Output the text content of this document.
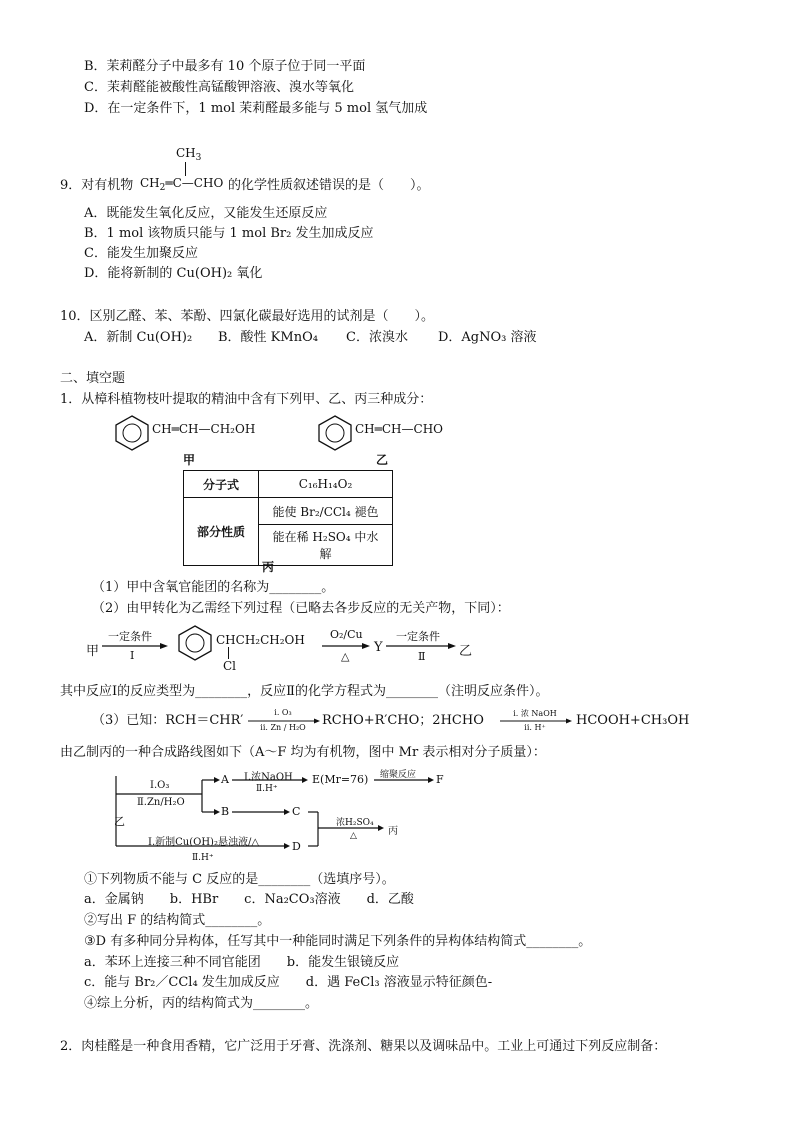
B．茉莉醛分子中最多有 10 个原子位于同一平面
C．茉莉醛能被酸性高锰酸钾溶液、溴水等氧化
D．在一定条件下，1 mol 茉莉醛最多能与 5 mol 氢气加成
9．对有机物
$CH_3$
$CH_2═C—CHO$ 的化学性质叙述错误的是（　　）。
A．既能发生氧化反应，又能发生还原反应
B．1 mol 该物质只能与 1 mol Br₂ 发生加成反应
C．能发生加聚反应
D．能将新制的 Cu(OH)₂ 氧化
10．区别乙醛、苯、苯酚、四氯化碳最好选用的试剂是（　　）。
A．新制 Cu(OH)₂ B．酸性 KMnO₄ C．浓溴水 D．AgNO₃ 溶液
二、填空题
1．从樟科植物枝叶提取的精油中含有下列甲、乙、丙三种成分：
CH═CH—CH₂OH	CH═CH—CHO
甲	乙
分子式	C₁₆H₁₄O₂
部分性质	能使 Br₂/CCl₄ 褪色
	能在稀 H₂SO₄ 中水解
丙
（1）甲中含氧官能团的名称为________。
（2）由甲转化为乙需经下列过程（已略去各步反应的无关产物，下同）：
甲
一定条件
Ⅰ
CHCH₂CH₂OH
Cl
O₂/Cu
△
Y
一定条件
Ⅱ	乙
其中反应Ⅰ的反应类型为________，反应Ⅱ的化学方程式为________（注明反应条件）。
（3）已知：RCH＝CHR′
i. O₃
ii. Zn / H₂O	RCHO+R′CHO；2HCHO	i. 浓 NaOH
ii. H⁺	HCOOH+CH₃OH
由乙制丙的一种合成路线图如下（A～F 均为有机物，图中 Mr 表示相对分子质量）：
Ⅰ.O₃
Ⅱ.Zn/H₂O
乙
A Ⅰ.浓NaOH
Ⅱ.H⁺
E(Mr=76) 缩聚反应 F
B	C
浓H₂SO₄
△	丙
Ⅰ.新制Cu(OH)₂悬浊液/△
Ⅱ.H⁺
D
①下列物质不能与 C 反应的是________（选填序号）。
a．金属钠　　b．HBr　　c．Na₂CO₃溶液　　d．乙酸
②写出 F 的结构简式________。
③D 有多种同分异构体，任写其中一种能同时满足下列条件的异构体结构简式________。
a．苯环上连接三种不同官能团　　b．能发生银镜反应
c．能与 Br₂／CCl₄ 发生加成反应　　d．遇 FeCl₃ 溶液显示特征颜色-
④综上分析，丙的结构简式为________。
2．肉桂醛是一种食用香精，它广泛用于牙膏、洗涤剂、糖果以及调味品中。工业上可通过下列反应制备：
